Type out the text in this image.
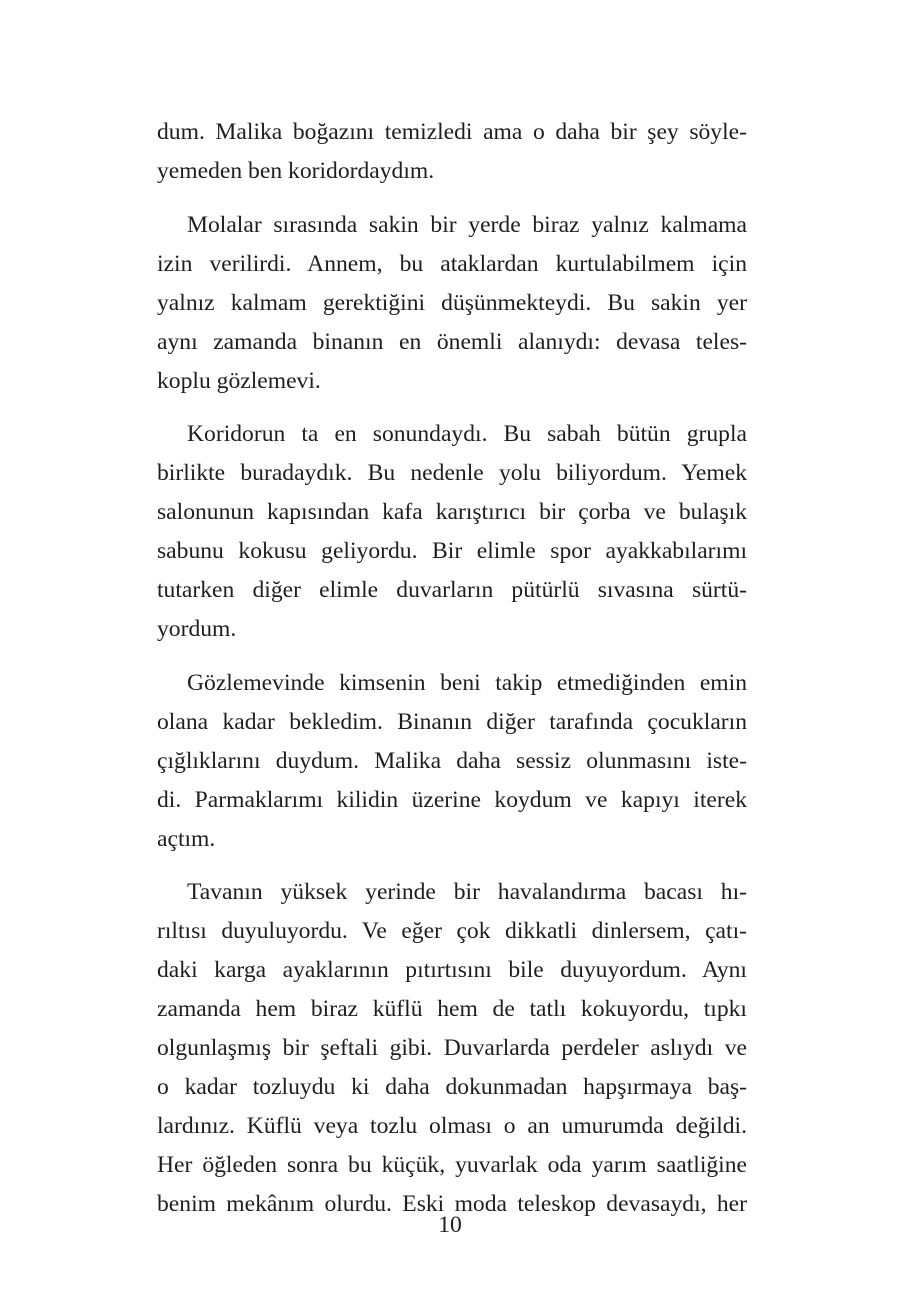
dum. Malika boğazını temizledi ama o daha bir şey söyle-
yemeden ben koridordaydım.
Molalar sırasında sakin bir yerde biraz yalnız kalmama
izin verilirdi. Annem, bu ataklardan kurtulabilmem için
yalnız kalmam gerektiğini düşünmekteydi. Bu sakin yer
aynı zamanda binanın en önemli alanıydı: devasa teles-
koplu gözlemevi.
Koridorun ta en sonundaydı. Bu sabah bütün grupla
birlikte buradaydık. Bu nedenle yolu biliyordum. Yemek
salonunun kapısından kafa karıştırıcı bir çorba ve bulaşık
sabunu kokusu geliyordu. Bir elimle spor ayakkabılarımı
tutarken diğer elimle duvarların pütürlü sıvasına sürtü-
yordum.
Gözlemevinde kimsenin beni takip etmediğinden emin
olana kadar bekledim. Binanın diğer tarafında çocukların
çığlıklarını duydum. Malika daha sessiz olunmasını iste-
di. Parmaklarımı kilidin üzerine koydum ve kapıyı iterek
açtım.
Tavanın yüksek yerinde bir havalandırma bacası hı-
rıltısı duyuluyordu. Ve eğer çok dikkatli dinlersem, çatı-
daki karga ayaklarının pıtırtısını bile duyuyordum. Aynı
zamanda hem biraz küflü hem de tatlı kokuyordu, tıpkı
olgunlaşmış bir şeftali gibi. Duvarlarda perdeler aslıydı ve
o kadar tozluydu ki daha dokunmadan hapşırmaya baş-
lardınız. Küflü veya tozlu olması o an umurumda değildi.
Her öğleden sonra bu küçük, yuvarlak oda yarım saatliğine
benim mekânım olurdu. Eski moda teleskop devasaydı, her
10
